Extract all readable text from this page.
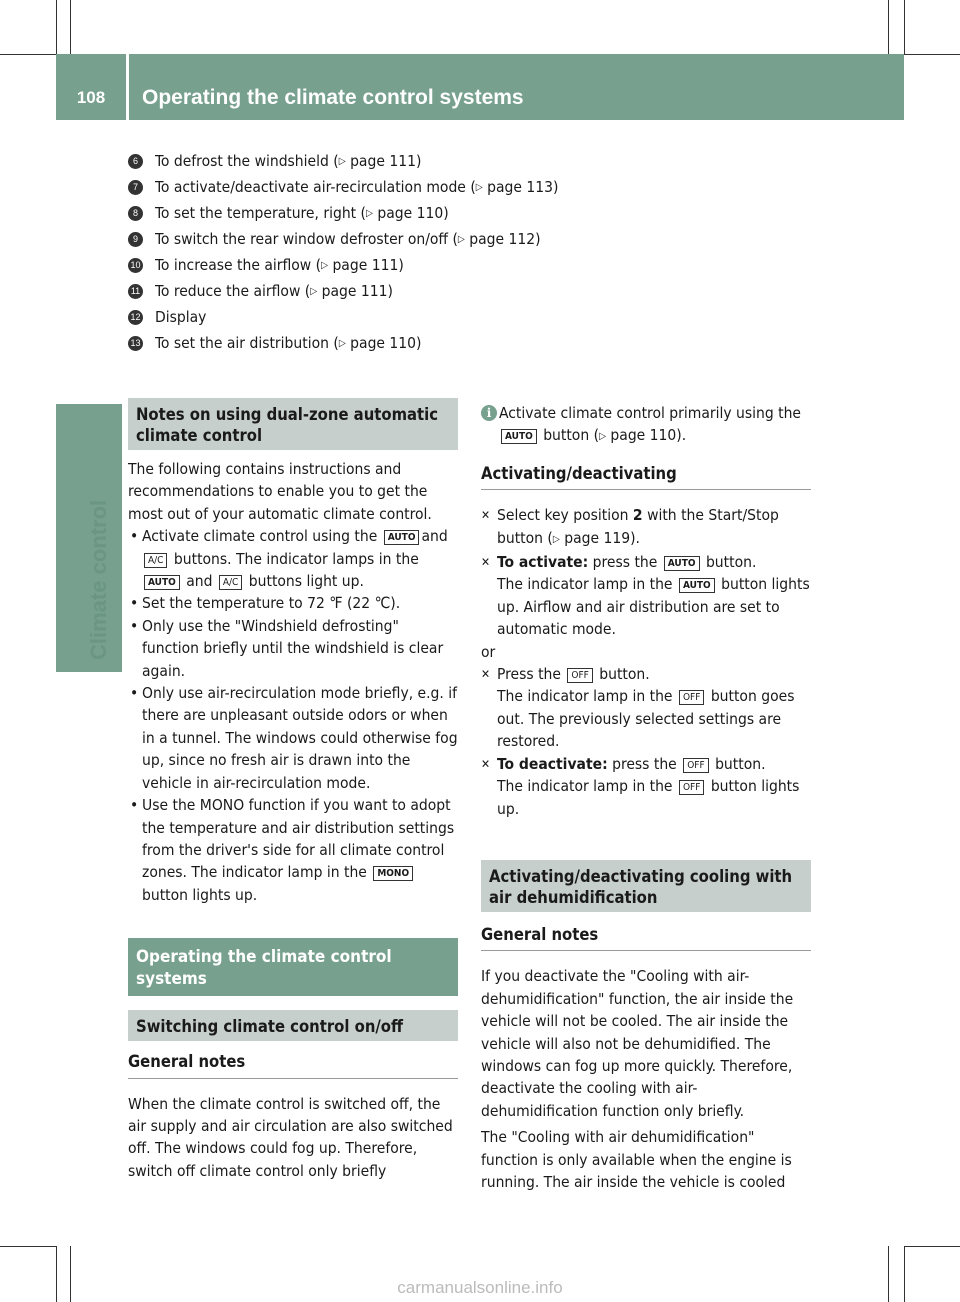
108	Operating the climate control systems
Climate control
6	To defrost the windshield ( ▷
page 111)
7	To activate/deactivate air-recirculation mode ( ▷
page 113)
8	To set the temperature, right ( ▷
page 110)
9	To switch the rear window defroster on/off ( ▷
page 112)
10 To increase the airflow ( ▷
page 111)
11 To reduce the airflow ( ▷
page 111)
12 Display
13 To set the air distribution ( ▷
page 110)
Notes on using dual-zone automatic climate control

The following contains instructions and recommendations to enable you to get the most out of your automatic climate control.

• Activate climate control using the AUTO and A/C buttons. The indicator lamps in the AUTO and A/C buttons light up.

• Set the temperature to 72 ℉ (22 ℃).

• Only use the "Windshield defrosting" function briefly until the windshield is clear again.

• Only use air-recirculation mode briefly, e.g. if there are unpleasant outside odors or when in a tunnel. The windows could otherwise fog up, since no fresh air is drawn into the vehicle in air-recirculation mode.

• Use the MONO function if you want to adopt the temperature and air distribution settings from the driver's side for all climate control zones. The indicator lamp in the MONO button lights up.

Operating the climate control systems
Switching climate control on/off
General notes

When the climate control is switched off, the air supply and air circulation are also switched off. The windows could fog up. Therefore, switch off climate control only briefly

i Activate climate control primarily using the AUTO button (▷ page 110).

Activating/deactivating

✕ Select key position 2 with the Start/Stop button (▷ page 119).

✕ To activate: press the AUTO button.
The indicator lamp in the AUTO button lights up. Airflow and air distribution are set to automatic mode.

or

✕ Press the OFF button.
The indicator lamp in the OFF button goes out. The previously selected settings are restored.

✕ To deactivate: press the OFF button.
The indicator lamp in the OFF button lights up.

Activating/deactivating cooling with air dehumidification
General notes

If you deactivate the "Cooling with air-dehumidification" function, the air inside the vehicle will not be cooled. The air inside the vehicle will also not be dehumidified. The windows can fog up more quickly. Therefore, deactivate the cooling with air-dehumidification function only briefly.

The "Cooling with air dehumidification" function is only available when the engine is running. The air inside the vehicle is cooled

carmanualsonline.info
